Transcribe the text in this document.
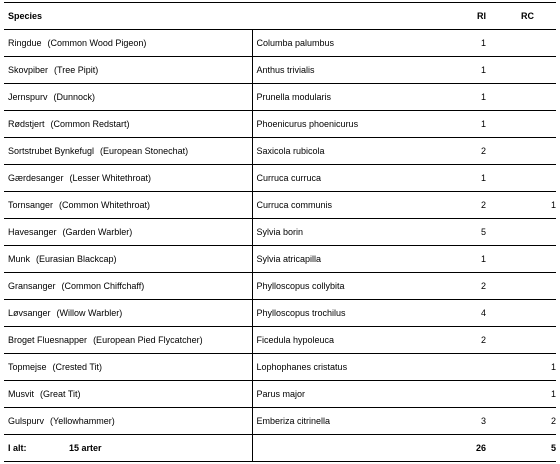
Species		RI	RC
Ringdue (Common Wood Pigeon)	Columba palumbus	1	
Skovpiber (Tree Pipit)	Anthus trivialis	1	
Jernspurv (Dunnock)	Prunella modularis	1	
Rødstjert (Common Redstart)	Phoenicurus phoenicurus	1	
Sortstrubet Bynkefugl (European Stonechat)	Saxicola rubicola	2	
Gærdesanger (Lesser Whitethroat)	Curruca curruca	1	
Tornsanger (Common Whitethroat)	Curruca communis	2	1
Havesanger (Garden Warbler)	Sylvia borin	5	
Munk (Eurasian Blackcap)	Sylvia atricapilla	1	
Gransanger (Common Chiffchaff)	Phylloscopus collybita	2	
Løvsanger (Willow Warbler)	Phylloscopus trochilus	4	
Broget Fluesnapper (European Pied Flycatcher)	Ficedula hypoleuca	2	
Topmejse (Crested Tit)	Lophophanes cristatus		1
Musvit (Great Tit)	Parus major		1
Gulspurv (Yellowhammer)	Emberiza citrinella	3	2
I alt: 15 arter		26	5
